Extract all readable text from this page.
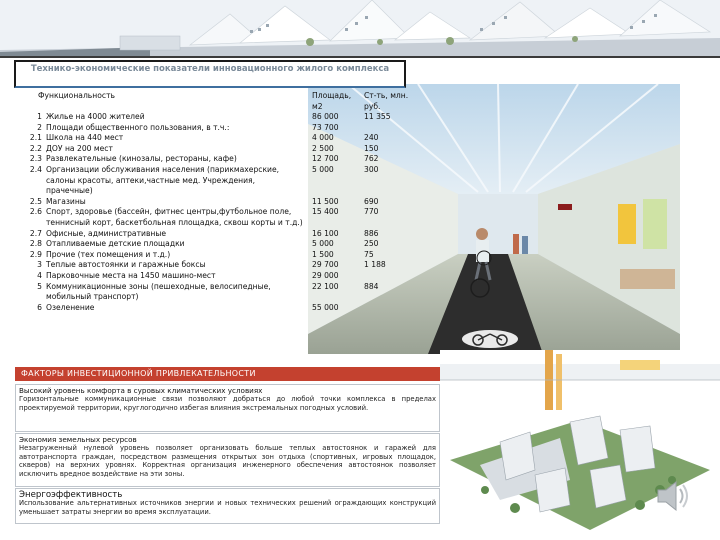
Технико-экономические показатели инновационного жилого комплекса
Функциональность	Площадь,
м2
Ст-ть, млн.
руб.
1 Жилье на 4000 жителей	86 000	11 355
2 Площади общественного пользования, в т.ч.:	73 700
2.1 Школа на 440 мест	4 000	240
2.2 ДОУ на 200 мест	2 500	150
2.3 Развлекательные (кинозалы, рестораны, кафе)	12 700	762
2.4 Организации обслуживания населения (парикмахерские,
салоны красоты, аптеки,частные мед. Учреждения,
прачечные)
5 000	300
2.5 Магазины	11 500	690
2.6 Спорт, здоровье (бассейн, фитнес центры,футбольное поле,
теннисный корт, баскетбольная площадка, сквош корты и т.д.)
15 400	770
2.7 Офисные, административные	16 100	886
2.8 Отапливаемые детские площадки	5 000	250
2.9 Прочие (тех помещения и т.д.)	1 500	75
3 Теплые автостоянки и гаражные боксы	29 700	1 188
4 Парковочные места на 1450 машино-мест	29 000
5 Коммуникационные зоны (пешеходные, велосипедные,
мобильный транспорт)
22 100	884
6 Озеленение	55 000
ФАКТОРЫ ИНВЕСТИЦИОННОЙ ПРИВЛЕКАТЕЛЬНОСТИ
Высокий уровень комфорта в суровых климатических условиях
Горизонтальные коммуникационные связи позволяют добраться до любой точки комплекса в пределах проектируемой территории, круглогодично избегая влияния экстремальных погодных условий.
Экономия земельных ресурсов
Незагруженный нулевой уровень позволяет организовать больше теплых автостоянок и гаражей для автотранспорта граждан, посредством размещения открытых зон отдыха (спортивных, игровых площадок, скверов) на верхних уровнях. Корректная организация инженерного обеспечения автостоянок позволяет исключить вредное воздействие на эти зоны.
Энергоэффективность
Использование альтернативных источников энергии и новых технических решений ограждающих конструкций уменьшает затраты энергии во время эксплуатации.
